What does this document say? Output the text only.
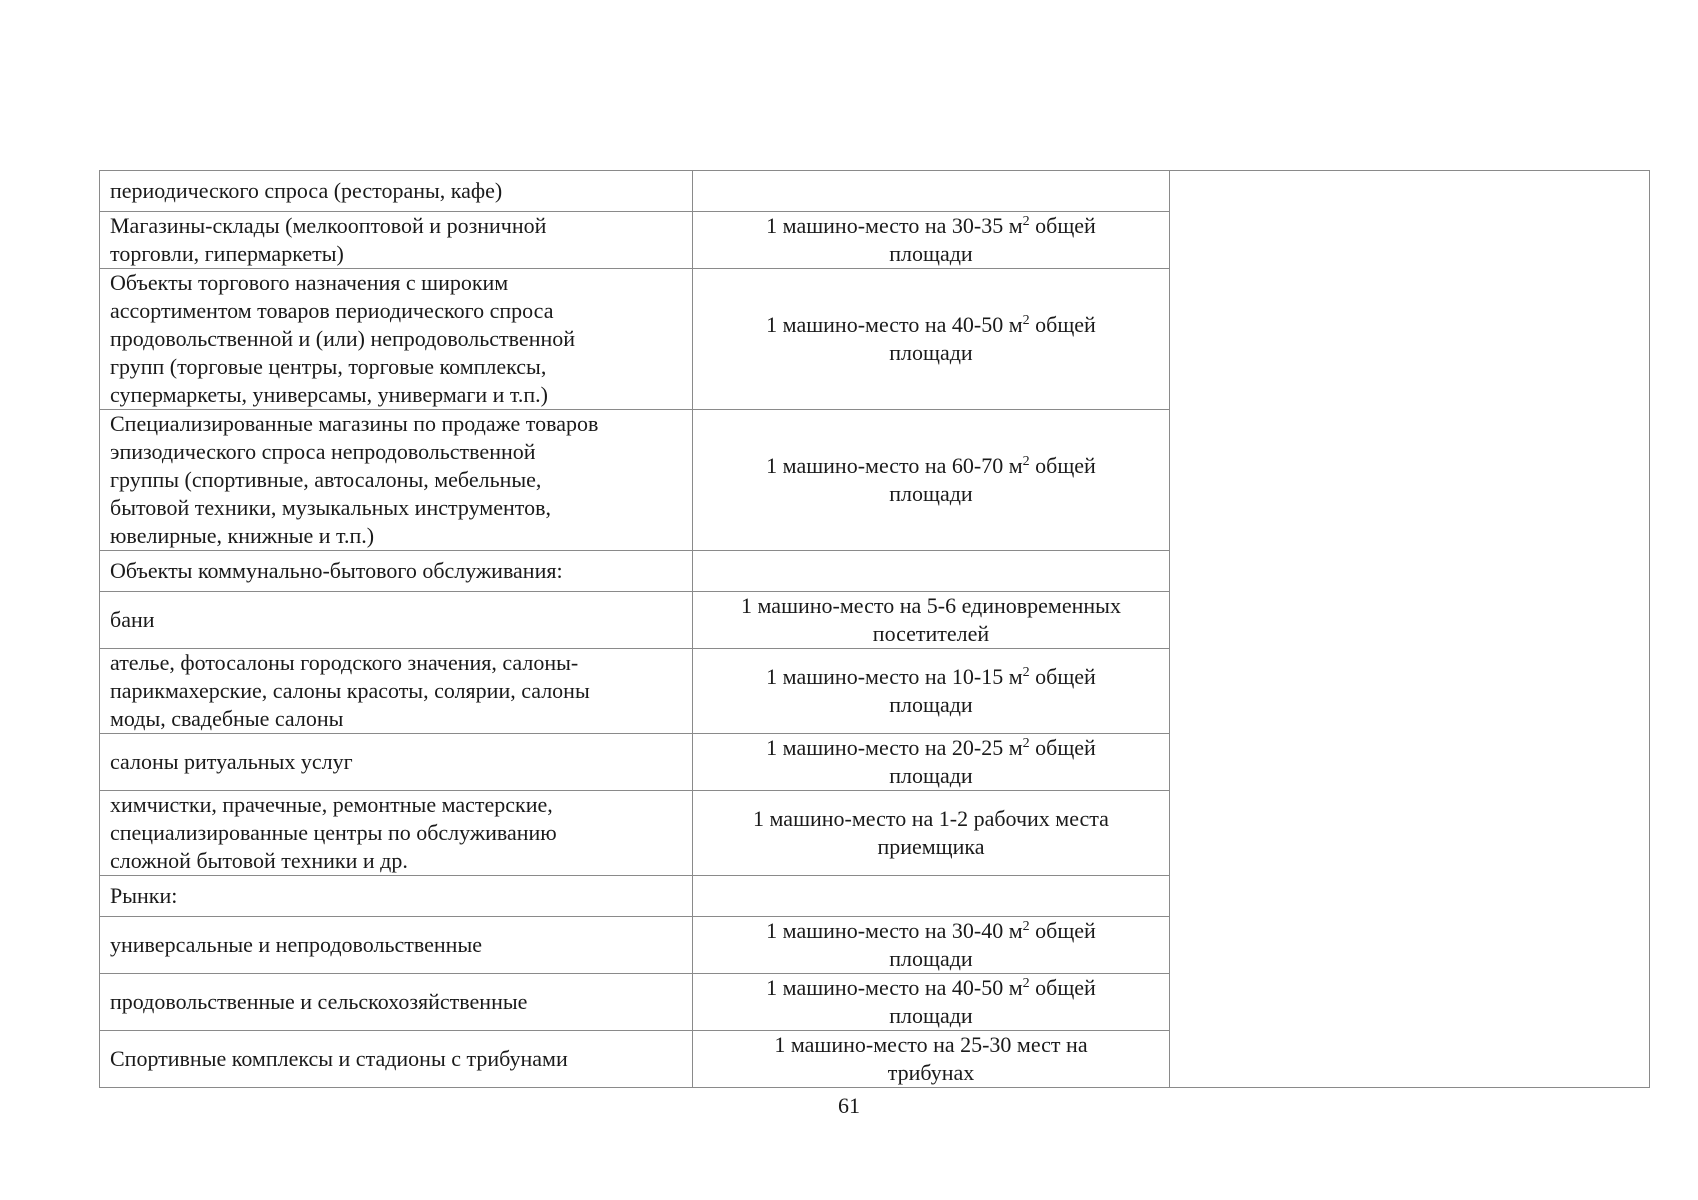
периодического спроса (рестораны, кафе)		
Магазины-склады (мелкооптовой и розничной
торговли, гипермаркеты)	1 машино-место на 30-35 $м^2$ общей
площади	
Объекты торгового назначения с широким
ассортиментом товаров периодического спроса
продовольственной и (или) непродовольственной
групп (торговые центры, торговые комплексы,
супермаркеты, универсамы, универмаги и т.п.)	1 машино-место на 40-50 $м^2$ общей
площади	
Специализированные магазины по продаже товаров
эпизодического спроса непродовольственной
группы (спортивные, автосалоны, мебельные,
бытовой техники, музыкальных инструментов,
ювелирные, книжные и т.п.)	1 машино-место на 60-70 $м^2$ общей
площади	
Объекты коммунально-бытового обслуживания:		
бани	1 машино-место на 5-6 единовременных
посетителей	
ателье, фотосалоны городского значения, салоны-
парикмахерские, салоны красоты, солярии, салоны
моды, свадебные салоны	1 машино-место на 10-15 $м^2$ общей
площади	
салоны ритуальных услуг	1 машино-место на 20-25 $м^2$ общей
площади	
химчистки, прачечные, ремонтные мастерские,
специализированные центры по обслуживанию
сложной бытовой техники и др.	1 машино-место на 1-2 рабочих места
приемщика	
Рынки:		
универсальные и непродовольственные	1 машино-место на 30-40 $м^2$ общей
площади	
продовольственные и сельскохозяйственные	1 машино-место на 40-50 $м^2$ общей
площади	
Спортивные комплексы и стадионы с трибунами	1 машино-место на 25-30 мест на
трибунах	
61
